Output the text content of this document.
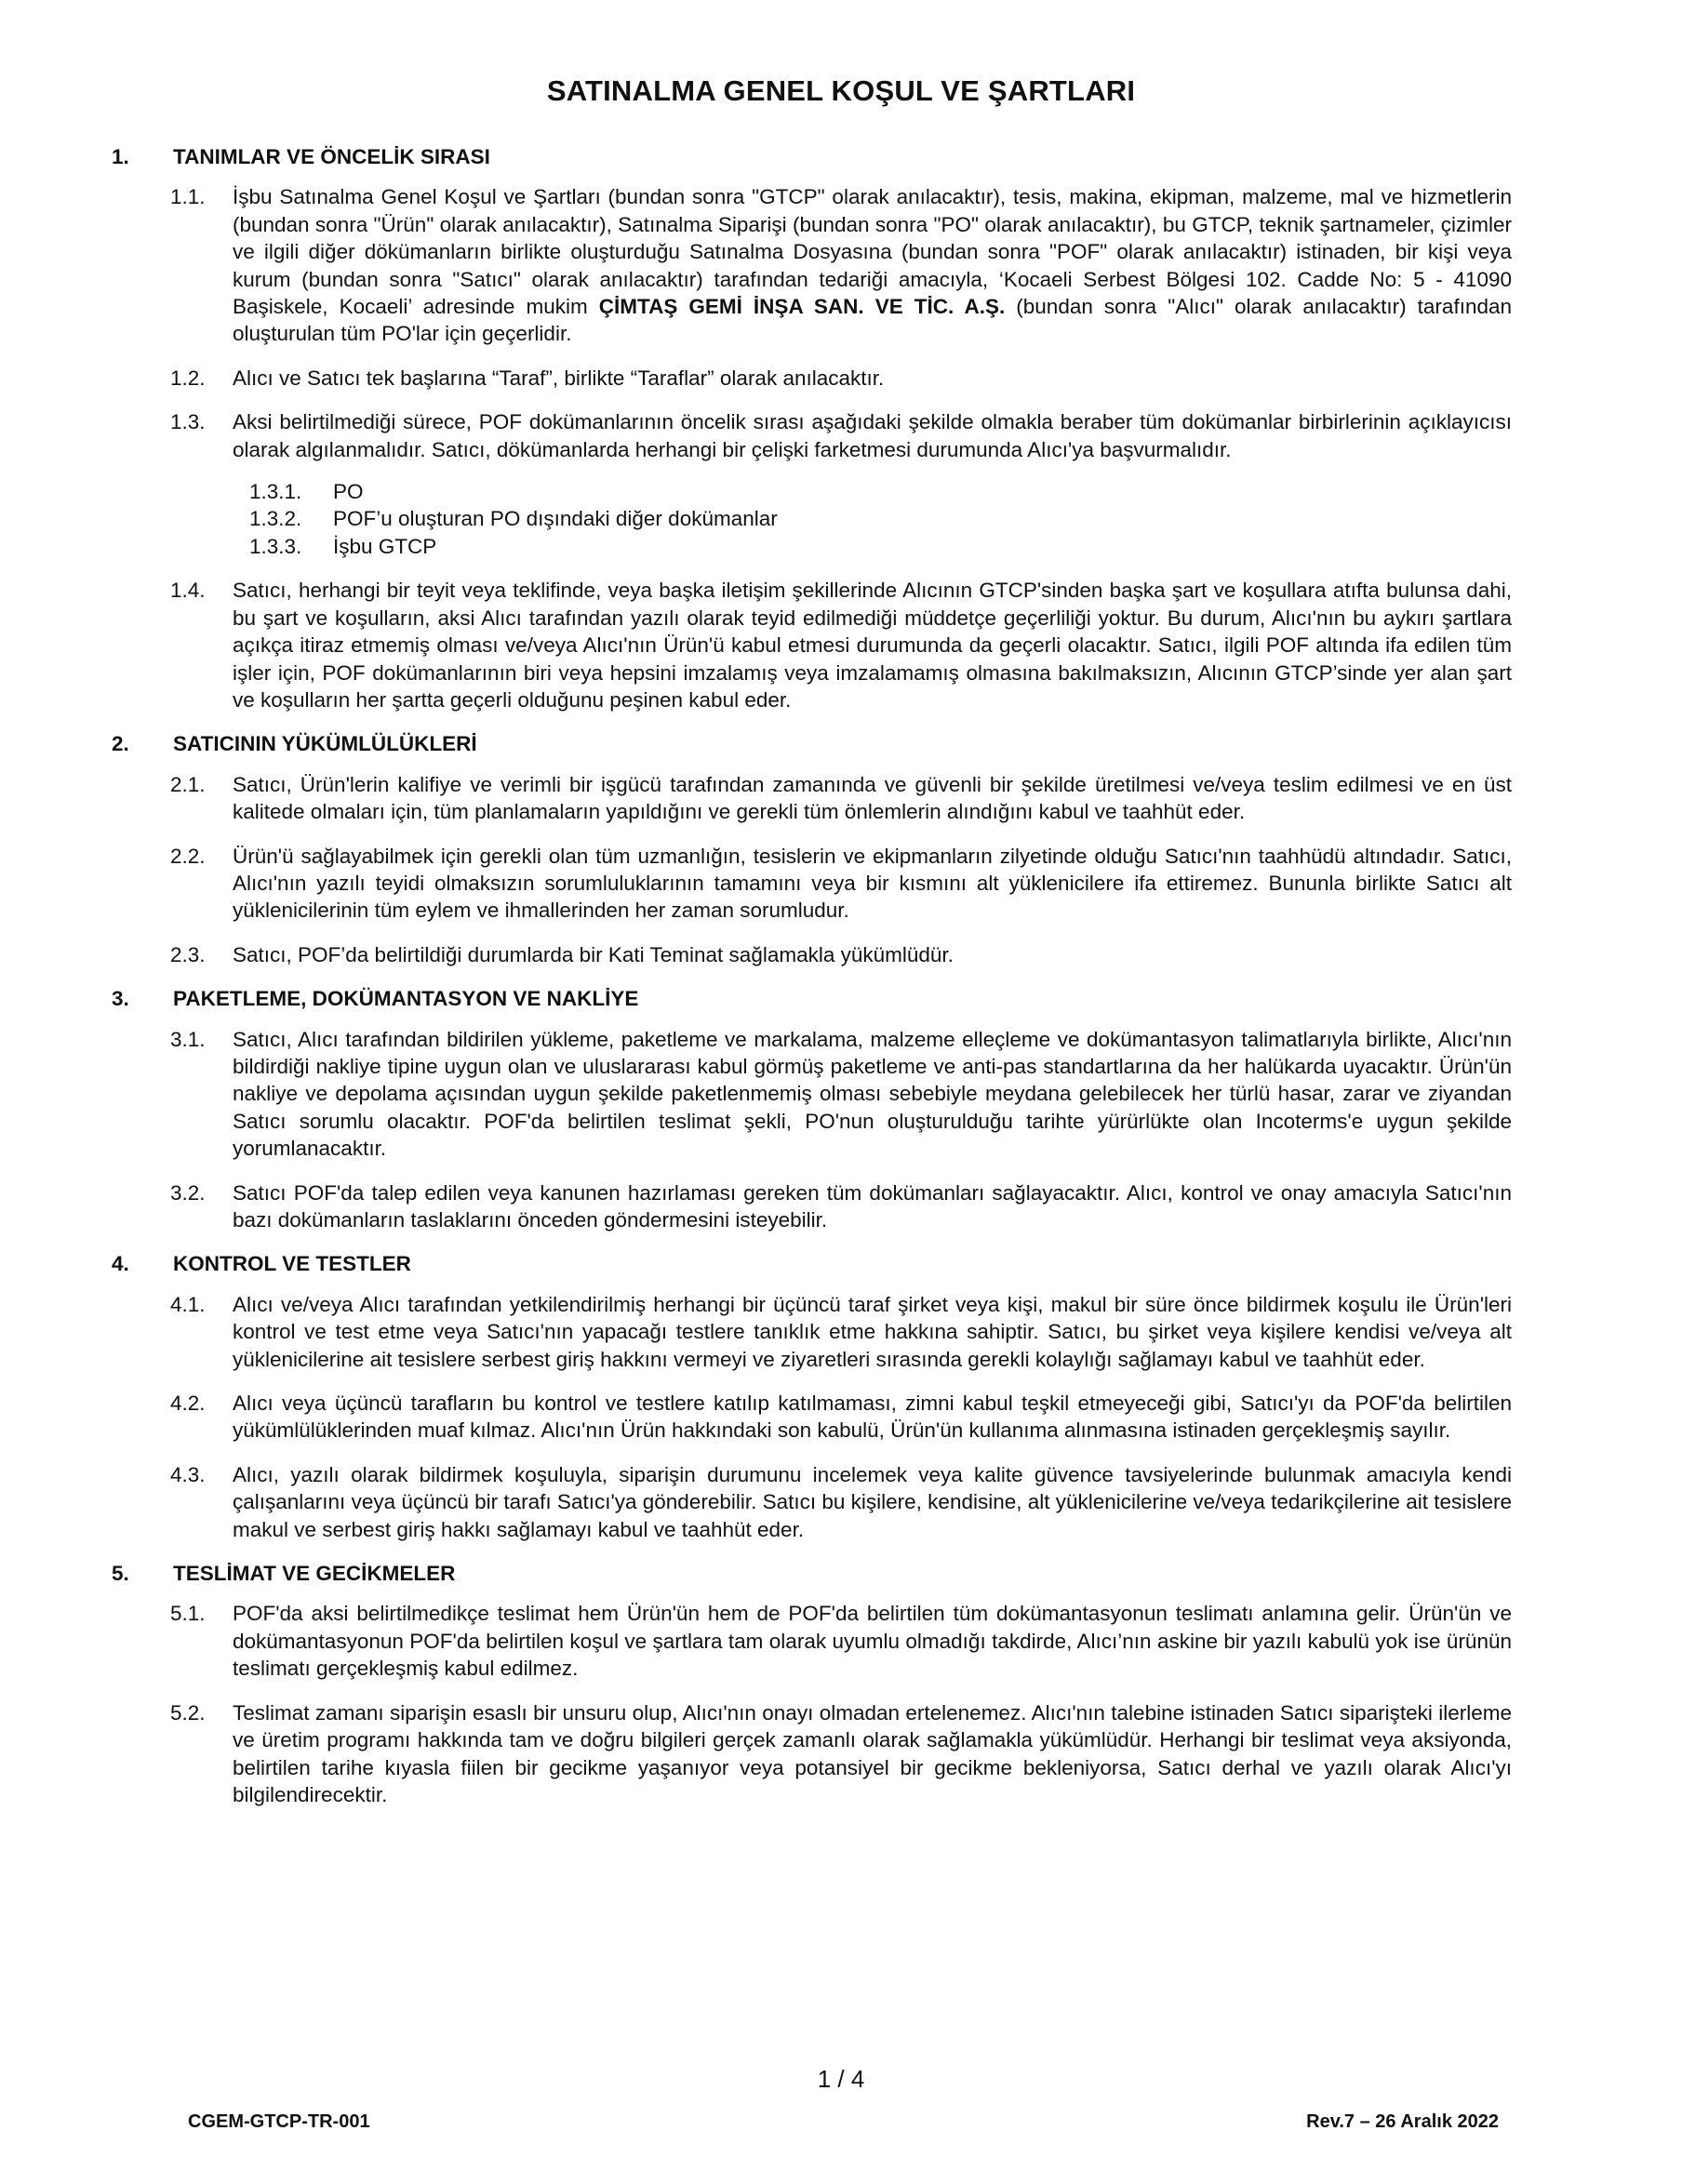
SATINALMA GENEL KOŞUL VE ŞARTLARI
1.	TANIMLAR VE ÖNCELİK SIRASI
1.1.	İşbu Satınalma Genel Koşul ve Şartları (bundan sonra "GTCP" olarak anılacaktır), tesis, makina, ekipman, malzeme, mal ve hizmetlerin (bundan sonra "Ürün" olarak anılacaktır), Satınalma Siparişi (bundan sonra "PO" olarak anılacaktır), bu GTCP, teknik şartnameler, çizimler ve ilgili diğer dökümanların birlikte oluşturduğu Satınalma Dosyasına (bundan sonra "POF" olarak anılacaktır) istinaden, bir kişi veya kurum (bundan sonra "Satıcı" olarak anılacaktır) tarafından tedariği amacıyla, ‘Kocaeli Serbest Bölgesi 102. Cadde No: 5 - 41090 Başiskele, Kocaeli’ adresinde mukim ÇİMTAŞ GEMİ İNŞA SAN. VE TİC. A.Ş. (bundan sonra "Alıcı" olarak anılacaktır) tarafından oluşturulan tüm PO'lar için geçerlidir.
1.2.	Alıcı ve Satıcı tek başlarına “Taraf”, birlikte “Taraflar” olarak anılacaktır.
1.3.	Aksi belirtilmediği sürece, POF dokümanlarının öncelik sırası aşağıdaki şekilde olmakla beraber tüm dokümanlar birbirlerinin açıklayıcısı olarak algılanmalıdır. Satıcı, dökümanlarda herhangi bir çelişki farketmesi durumunda Alıcı'ya başvurmalıdır.
1.3.1.	PO
1.3.2.	POF’u oluşturan PO dışındaki diğer dokümanlar
1.3.3.	İşbu GTCP
1.4.	Satıcı, herhangi bir teyit veya teklifinde, veya başka iletişim şekillerinde Alıcının GTCP'sinden başka şart ve koşullara atıfta bulunsa dahi, bu şart ve koşulların, aksi Alıcı tarafından yazılı olarak teyid edilmediği müddetçe geçerliliği yoktur. Bu durum, Alıcı'nın bu aykırı şartlara açıkça itiraz etmemiş olması ve/veya Alıcı'nın Ürün'ü kabul etmesi durumunda da geçerli olacaktır. Satıcı, ilgili POF altında ifa edilen tüm işler için, POF dokümanlarının biri veya hepsini imzalamış veya imzalamamış olmasına bakılmaksızın, Alıcının GTCP’sinde yer alan şart ve koşulların her şartta geçerli olduğunu peşinen kabul eder.
2.	SATICININ YÜKÜMLÜLÜKLERİ
2.1.	Satıcı, Ürün'lerin kalifiye ve verimli bir işgücü tarafından zamanında ve güvenli bir şekilde üretilmesi ve/veya teslim edilmesi ve en üst kalitede olmaları için, tüm planlamaların yapıldığını ve gerekli tüm önlemlerin alındığını kabul ve taahhüt eder.
2.2.	Ürün'ü sağlayabilmek için gerekli olan tüm uzmanlığın, tesislerin ve ekipmanların zilyetinde olduğu Satıcı'nın taahhüdü altındadır. Satıcı, Alıcı'nın yazılı teyidi olmaksızın sorumluluklarının tamamını veya bir kısmını alt yüklenicilere ifa ettiremez. Bununla birlikte Satıcı alt yüklenicilerinin tüm eylem ve ihmallerinden her zaman sorumludur.
2.3.	Satıcı, POF’da belirtildiği durumlarda bir Kati Teminat sağlamakla yükümlüdür.
3.	PAKETLEME, DOKÜMANTASYON VE NAKLİYE
3.1.	Satıcı, Alıcı tarafından bildirilen yükleme, paketleme ve markalama, malzeme elleçleme ve dokümantasyon talimatlarıyla birlikte, Alıcı'nın bildirdiği nakliye tipine uygun olan ve uluslararası kabul görmüş paketleme ve anti-pas standartlarına da her halükarda uyacaktır. Ürün'ün nakliye ve depolama açısından uygun şekilde paketlenmemiş olması sebebiyle meydana gelebilecek her türlü hasar, zarar ve ziyandan Satıcı sorumlu olacaktır. POF'da belirtilen teslimat şekli, PO'nun oluşturulduğu tarihte yürürlükte olan Incoterms'e uygun şekilde yorumlanacaktır.
3.2.	Satıcı POF'da talep edilen veya kanunen hazırlaması gereken tüm dokümanları sağlayacaktır. Alıcı, kontrol ve onay amacıyla Satıcı'nın bazı dokümanların taslaklarını önceden göndermesini isteyebilir.
4.	KONTROL VE TESTLER
4.1.	Alıcı ve/veya Alıcı tarafından yetkilendirilmiş herhangi bir üçüncü taraf şirket veya kişi, makul bir süre önce bildirmek koşulu ile Ürün'leri kontrol ve test etme veya Satıcı'nın yapacağı testlere tanıklık etme hakkına sahiptir. Satıcı, bu şirket veya kişilere kendisi ve/veya alt yüklenicilerine ait tesislere serbest giriş hakkını vermeyi ve ziyaretleri sırasında gerekli kolaylığı sağlamayı kabul ve taahhüt eder.
4.2.	Alıcı veya üçüncü tarafların bu kontrol ve testlere katılıp katılmaması, zimni kabul teşkil etmeyeceği gibi, Satıcı'yı da POF'da belirtilen yükümlülüklerinden muaf kılmaz. Alıcı'nın Ürün hakkındaki son kabulü, Ürün'ün kullanıma alınmasına istinaden gerçekleşmiş sayılır.
4.3.	Alıcı, yazılı olarak bildirmek koşuluyla, siparişin durumunu incelemek veya kalite güvence tavsiyelerinde bulunmak amacıyla kendi çalışanlarını veya üçüncü bir tarafı Satıcı'ya gönderebilir. Satıcı bu kişilere, kendisine, alt yüklenicilerine ve/veya tedarikçilerine ait tesislere makul ve serbest giriş hakkı sağlamayı kabul ve taahhüt eder.
5.	TESLİMAT VE GECİKMELER
5.1.	POF'da aksi belirtilmedikçe teslimat hem Ürün'ün hem de POF'da belirtilen tüm dokümantasyonun teslimatı anlamına gelir. Ürün'ün ve dokümantasyonun POF'da belirtilen koşul ve şartlara tam olarak uyumlu olmadığı takdirde, Alıcı’nın askine bir yazılı kabulü yok ise ürünün teslimatı gerçekleşmiş kabul edilmez.
5.2.	Teslimat zamanı siparişin esaslı bir unsuru olup, Alıcı'nın onayı olmadan ertelenemez. Alıcı'nın talebine istinaden Satıcı siparişteki ilerleme ve üretim programı hakkında tam ve doğru bilgileri gerçek zamanlı olarak sağlamakla yükümlüdür. Herhangi bir teslimat veya aksiyonda, belirtilen tarihe kıyasla fiilen bir gecikme yaşanıyor veya potansiyel bir gecikme bekleniyorsa, Satıcı derhal ve yazılı olarak Alıcı'yı bilgilendirecektir.
1 / 4
CGEM-GTCP-TR-001	Rev.7 – 26 Aralık 2022
